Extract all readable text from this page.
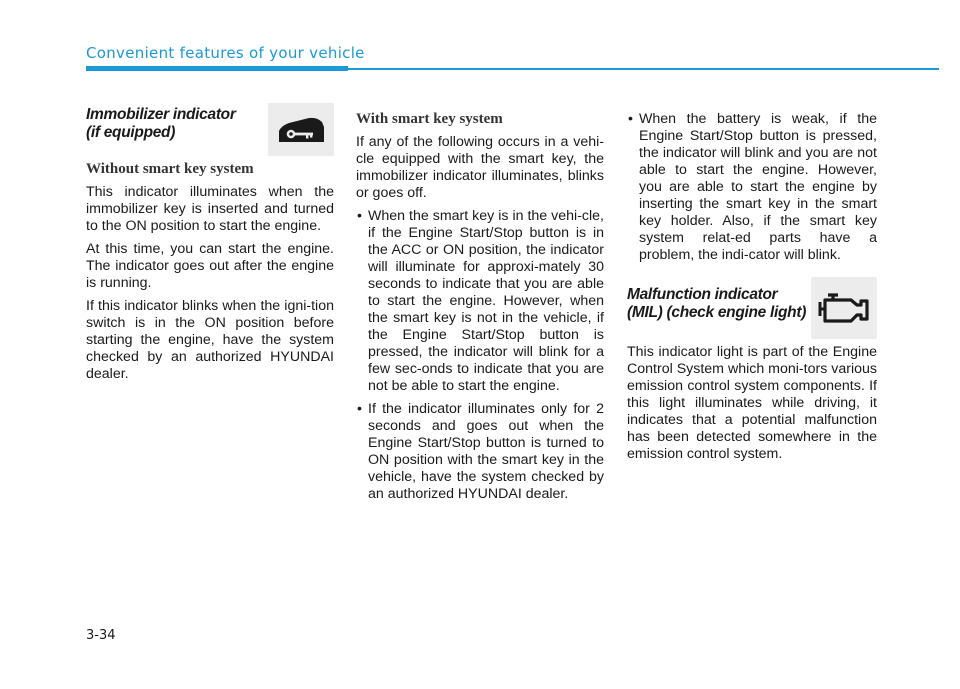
Convenient features of your vehicle
Immobilizer indicator
(if equipped)
Without smart key system

This indicator illuminates when the immobilizer key is inserted and turned to the ON position to start the engine.

At this time, you can start the engine. The indicator goes out after the engine is running.

If this indicator blinks when the igni-tion switch is in the ON position before starting the engine, have the system checked by an authorized HYUNDAI dealer.

With smart key system

If any of the following occurs in a vehi-cle equipped with the smart key, the immobilizer indicator illuminates, blinks or goes off.

• When the smart key is in the vehi-cle, if the Engine Start/Stop button is in the ACC or ON position, the indicator will illuminate for approxi-mately 30 seconds to indicate that you are able to start the engine. However, when the smart key is not in the vehicle, if the Engine Start/Stop button is pressed, the indicator will blink for a few sec-onds to indicate that you are not be able to start the engine.
• If the indicator illuminates only for 2 seconds and goes out when the Engine Start/Stop button is turned to ON position with the smart key in the vehicle, have the system checked by an authorized HYUNDAI dealer.
• When the battery is weak, if the Engine Start/Stop button is pressed, the indicator will blink and you are not able to start the engine. However, you are able to start the engine by inserting the smart key in the smart key holder. Also, if the smart key system relat-ed parts have a problem, the indi-cator will blink.
Malfunction indicator
(MIL) (check engine light)

This indicator light is part of the Engine Control System which moni-tors various emission control system components. If this light illuminates while driving, it indicates that a potential malfunction has been detected somewhere in the emission control system.

3-34
